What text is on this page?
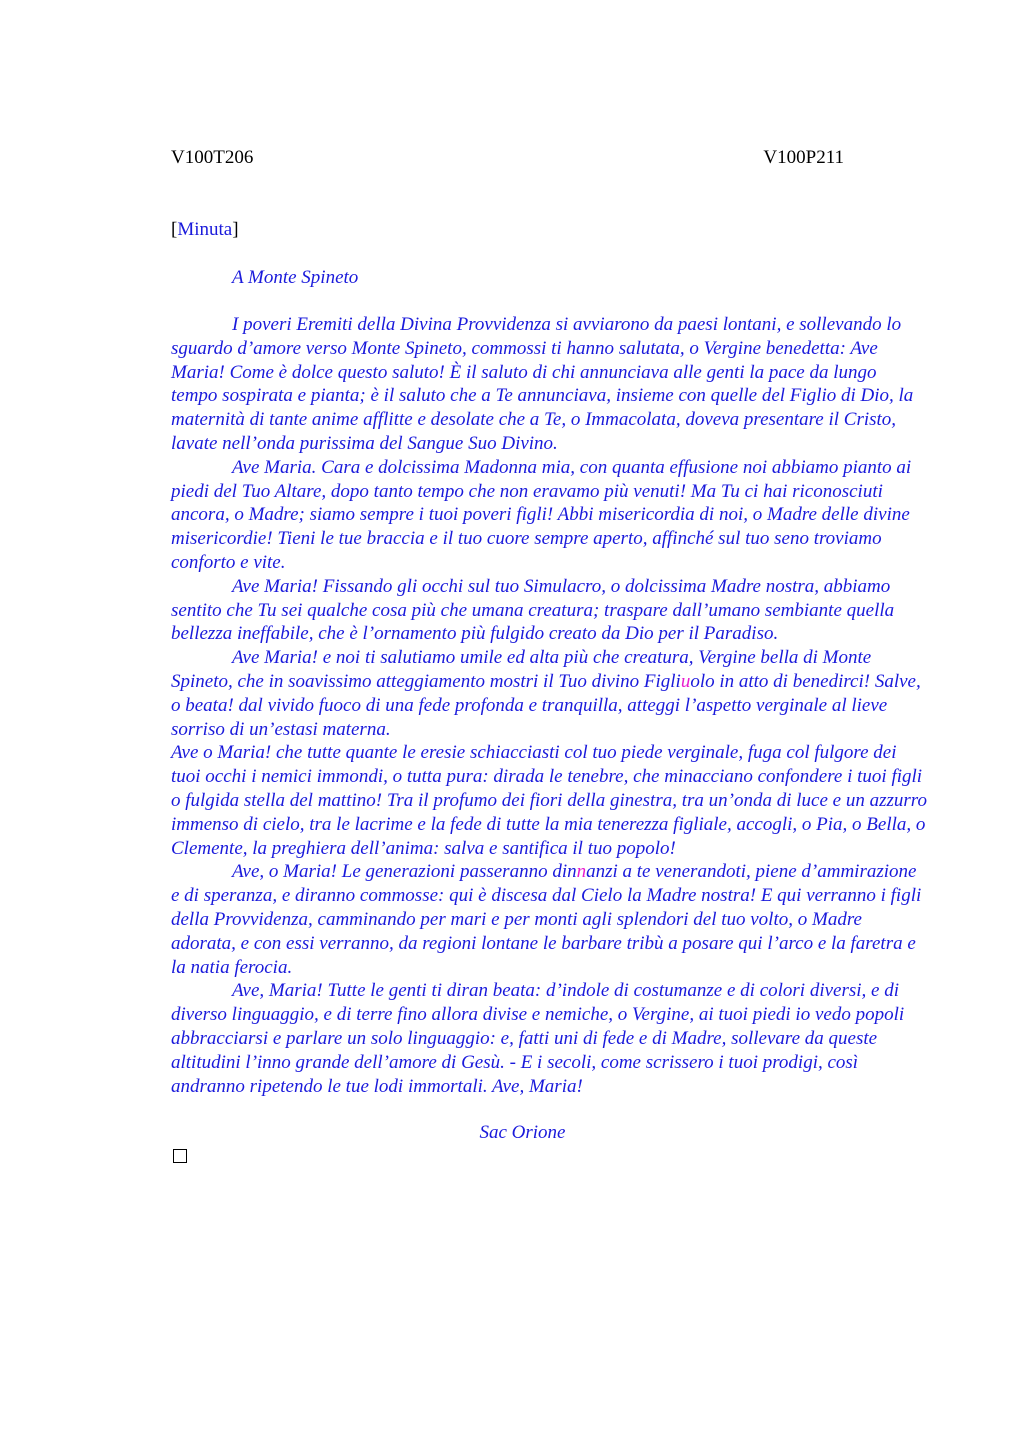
V100T206	V100P211
[Minuta]
A Monte Spineto

I poveri Eremiti della Divina Provvidenza si avviarono da paesi lontani, e sollevando lo sguardo d’amore verso Monte Spineto, commossi ti hanno salutata, o Vergine benedetta: Ave Maria! Come è dolce questo saluto! È il saluto di chi annunciava alle genti la pace da lungo tempo sospirata e pianta; è il saluto che a Te annunciava, insieme con quelle del Figlio di Dio, la maternità di tante anime afflitte e desolate che a Te, o Immacolata, doveva presentare il Cristo, lavate nell’onda purissima del Sangue Suo Divino.

Ave Maria. Cara e dolcissima Madonna mia, con quanta effusione noi abbiamo pianto ai piedi del Tuo Altare, dopo tanto tempo che non eravamo più venuti! Ma Tu ci hai riconosciuti ancora, o Madre; siamo sempre i tuoi poveri figli! Abbi misericordia di noi, o Madre delle divine misericordie! Tieni le tue braccia e il tuo cuore sempre aperto, affinché sul tuo seno troviamo conforto e vite.

Ave Maria! Fissando gli occhi sul tuo Simulacro, o dolcissima Madre nostra, abbiamo sentito che Tu sei qualche cosa più che umana creatura; traspare dall’umano sembiante quella bellezza ineffabile, che è l’ornamento più fulgido creato da Dio per il Paradiso.

Ave Maria! e noi ti salutiamo umile ed alta più che creatura, Vergine bella di Monte Spineto, che in soavissimo atteggiamento mostri il Tuo divino Figliuolo in atto di benedirci! Salve, o beata! dal vivido fuoco di una fede profonda e tranquilla, atteggi l’aspetto verginale al lieve sorriso di un’estasi materna.

Ave o Maria! che tutte quante le eresie schiacciasti col tuo piede verginale, fuga col fulgore dei tuoi occhi i nemici immondi, o tutta pura: dirada le tenebre, che minacciano confondere i tuoi figli o fulgida stella del mattino! Tra il profumo dei fiori della ginestra, tra un’onda di luce e un azzurro immenso di cielo, tra le lacrime e la fede di tutte la mia tenerezza figliale, accogli, o Pia, o Bella, o Clemente, la preghiera dell’anima: salva e santifica il tuo popolo!

Ave, o Maria! Le generazioni passeranno dinnanzi a te venerandoti, piene d’ammirazione e di speranza, e diranno commosse: qui è discesa dal Cielo la Madre nostra! E qui verranno i figli della Provvidenza, camminando per mari e per monti agli splendori del tuo volto, o Madre adorata, e con essi verranno, da regioni lontane le barbare tribù a posare qui l’arco e la faretra e la natia ferocia.

Ave, Maria! Tutte le genti ti diran beata: d’indole di costumanze e di colori diversi, e di diverso linguaggio, e di terre fino allora divise e nemiche, o Vergine, ai tuoi piedi io vedo popoli abbracciarsi e parlare un solo linguaggio: e, fatti uni di fede e di Madre, sollevare da queste altitudini l’inno grande dell’amore di Gesù. - E i secoli, come scrissero i tuoi prodigi, così andranno ripetendo le tue lodi immortali. Ave, Maria!

Sac Orione
